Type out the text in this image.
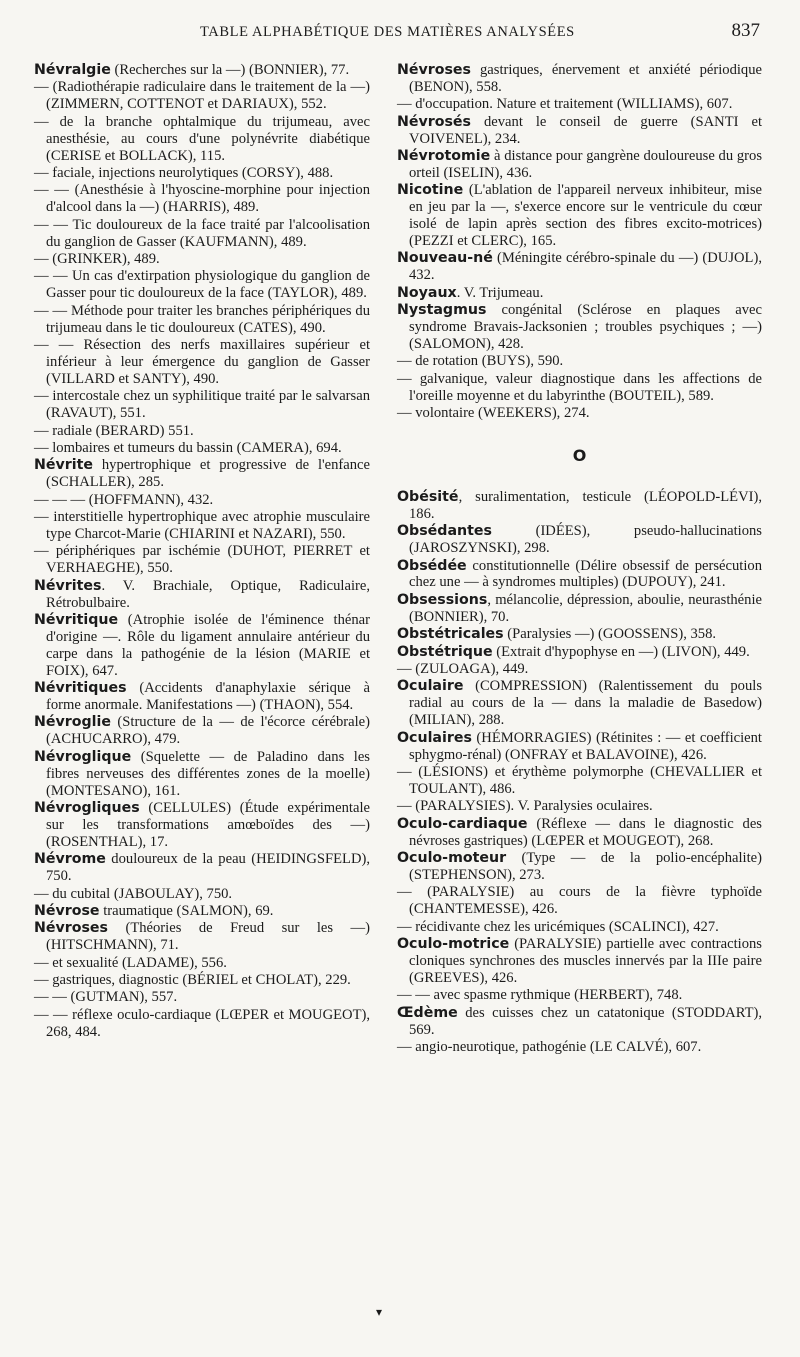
TABLE ALPHABÉTIQUE DES MATIÈRES ANALYSÉES	837

Névralgie (Recherches sur la —) (BONNIER), 77.

— (Radiothérapie radiculaire dans le traitement de la —) (ZIMMERN, COTTENOT et DARIAUX), 552.

— de la branche ophtalmique du trijumeau, avec anesthésie, au cours d'une polynévrite diabétique (CERISE et BOLLACK), 115.

— faciale, injections neurolytiques (CORSY), 488.

— — (Anesthésie à l'hyoscine-morphine pour injection d'alcool dans la —) (HARRIS), 489.

— — Tic douloureux de la face traité par l'alcoolisation du ganglion de Gasser (KAUFMANN), 489.

— (GRINKER), 489.

— — Un cas d'extirpation physiologique du ganglion de Gasser pour tic douloureux de la face (TAYLOR), 489.

— — Méthode pour traiter les branches périphériques du trijumeau dans le tic douloureux (CATES), 490.

— — Résection des nerfs maxillaires supérieur et inférieur à leur émergence du ganglion de Gasser (VILLARD et SANTY), 490.

— intercostale chez un syphilitique traité par le salvarsan (RAVAUT), 551.

— radiale (BERARD) 551.

— lombaires et tumeurs du bassin (CAMERA), 694.

Névrite hypertrophique et progressive de l'enfance (SCHALLER), 285.

— — — (HOFFMANN), 432.

— interstitielle hypertrophique avec atrophie musculaire type Charcot-Marie (CHIARINI et NAZARI), 550.

— périphériques par ischémie (DUHOT, PIERRET et VERHAEGHE), 550.

Névrites. V. Brachiale, Optique, Radiculaire, Rétrobulbaire.

Névritique (Atrophie isolée de l'éminence thénar d'origine —. Rôle du ligament annulaire antérieur du carpe dans la pathogénie de la lésion (MARIE et FOIX), 647.

Névritiques (Accidents d'anaphylaxie sérique à forme anormale. Manifestations —) (THAON), 554.

Névroglie (Structure de la — de l'écorce cérébrale) (ACHUCARRO), 479.

Névroglique (Squelette — de Paladino dans les fibres nerveuses des différentes zones de la moelle) (MONTESANO), 161.

Névrogliques (CELLULES) (Étude expérimentale sur les transformations amœboïdes des —) (ROSENTHAL), 17.

Névrome douloureux de la peau (HEIDINGSFELD), 750.

— du cubital (JABOULAY), 750.

Névrose traumatique (SALMON), 69.

Névroses (Théories de Freud sur les —) (HITSCHMANN), 71.

— et sexualité (LADAME), 556.

— gastriques, diagnostic (BÉRIEL et CHOLAT), 229.

— — (GUTMAN), 557.

— — réflexe oculo-cardiaque (LŒPER et MOUGEOT), 268, 484.

Névroses gastriques, énervement et anxiété périodique (BENON), 558.

— d'occupation. Nature et traitement (WILLIAMS), 607.

Névrosés devant le conseil de guerre (SANTI et VOIVENEL), 234.

Névrotomie à distance pour gangrène douloureuse du gros orteil (ISELIN), 436.

Nicotine (L'ablation de l'appareil nerveux inhibiteur, mise en jeu par la —, s'exerce encore sur le ventricule du cœur isolé de lapin après section des fibres excito-motrices) (PEZZI et CLERC), 165.

Nouveau-né (Méningite cérébro-spinale du —) (DUJOL), 432.

Noyaux. V. Trijumeau.

Nystagmus congénital (Sclérose en plaques avec syndrome Bravais-Jacksonien ; troubles psychiques ; —) (SALOMON), 428.

— de rotation (BUYS), 590.

— galvanique, valeur diagnostique dans les affections de l'oreille moyenne et du labyrinthe (BOUTEIL), 589.

— volontaire (WEEKERS), 274.

O

Obésité, suralimentation, testicule (LÉOPOLD-LÉVI), 186.

Obsédantes (IDÉES), pseudo-hallucinations (JAROSZYNSKI), 298.

Obsédée constitutionnelle (Délire obsessif de persécution chez une — à syndromes multiples) (DUPOUY), 241.

Obsessions, mélancolie, dépression, aboulie, neurasthénie (BONNIER), 70.

Obstétricales (Paralysies —) (GOOSSENS), 358.

Obstétrique (Extrait d'hypophyse en —) (LIVON), 449.

— (ZULOAGA), 449.

Oculaire (COMPRESSION) (Ralentissement du pouls radial au cours de la — dans la maladie de Basedow) (MILIAN), 288.

Oculaires (HÉMORRAGIES) (Rétinites : — et coefficient sphygmo-rénal) (ONFRAY et BALAVOINE), 426.

— (LÉSIONS) et érythème polymorphe (CHEVALLIER et TOULANT), 486.

— (PARALYSIES). V. Paralysies oculaires.

Oculo-cardiaque (Réflexe — dans le diagnostic des névroses gastriques) (LŒPER et MOUGEOT), 268.

Oculo-moteur (Type — de la polio-encéphalite) (STEPHENSON), 273.

— (PARALYSIE) au cours de la fièvre typhoïde (CHANTEMESSE), 426.

— récidivante chez les uricémiques (SCALINCI), 427.

Oculo-motrice (PARALYSIE) partielle avec contractions cloniques synchrones des muscles innervés par la IIIe paire (GREEVES), 426.

— — avec spasme rythmique (HERBERT), 748.

Œdème des cuisses chez un catatonique (STODDART), 569.

— angio-neurotique, pathogénie (LE CALVÉ), 607.

▾
